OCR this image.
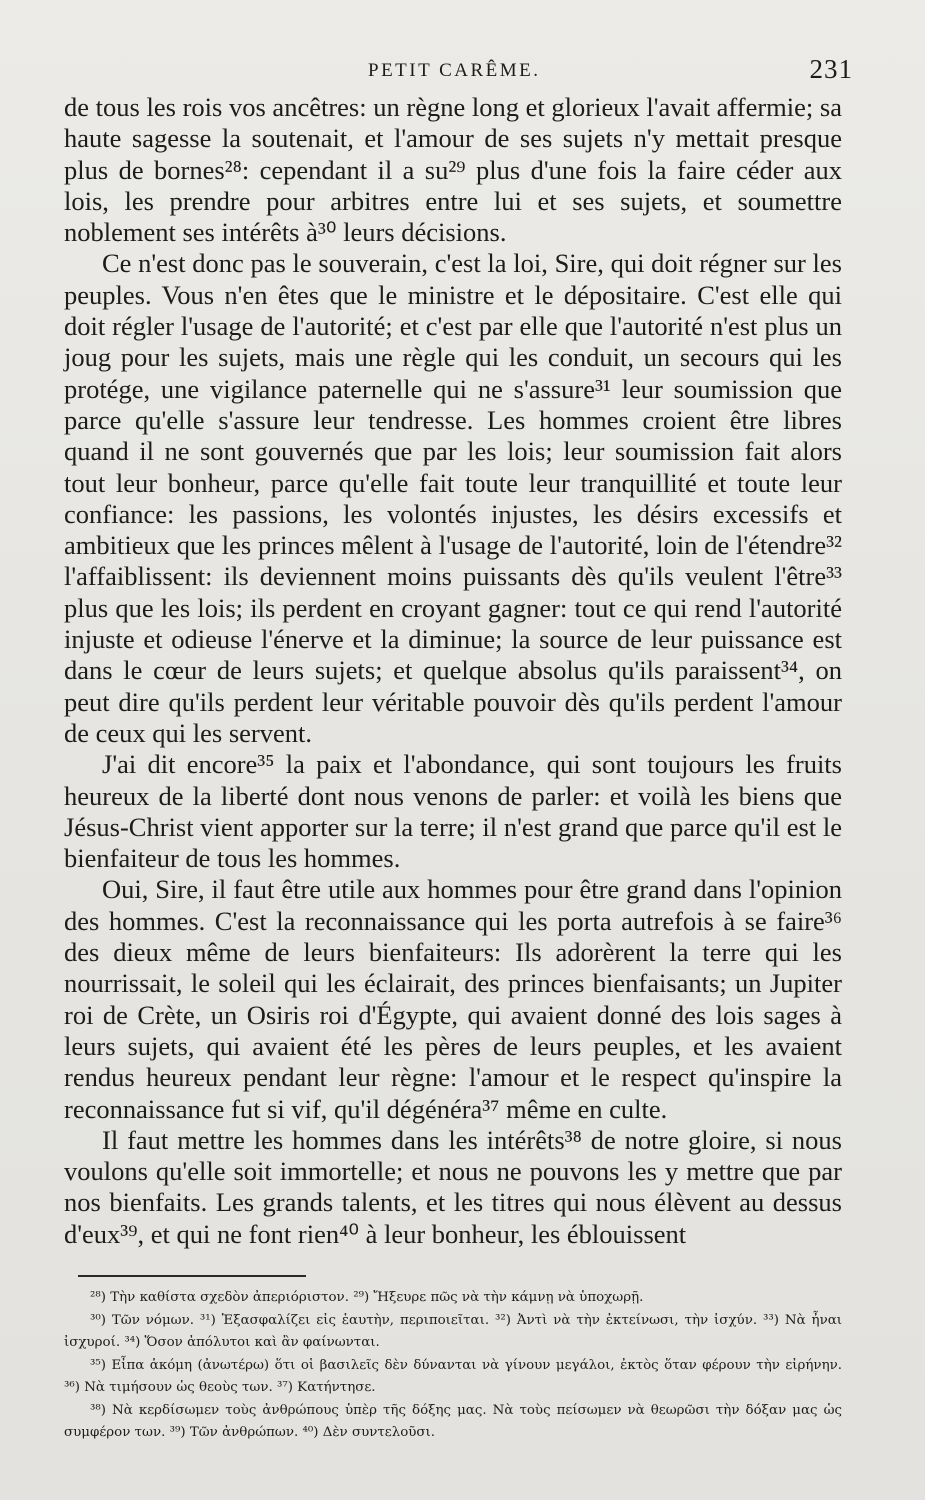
PETIT CARÊME.	231

de tous les rois vos ancêtres: un règne long et glorieux l'avait affermie; sa haute sagesse la soutenait, et l'amour de ses sujets n'y mettait presque plus de bornes²⁸: cependant il a su²⁹ plus d'une fois la faire céder aux lois, les prendre pour arbitres entre lui et ses sujets, et soumettre noblement ses intérêts à³⁰ leurs décisions.

Ce n'est donc pas le souverain, c'est la loi, Sire, qui doit régner sur les peuples. Vous n'en êtes que le ministre et le dépositaire. C'est elle qui doit régler l'usage de l'autorité; et c'est par elle que l'autorité n'est plus un joug pour les sujets, mais une règle qui les conduit, un secours qui les protége, une vigilance paternelle qui ne s'assure³¹ leur soumission que parce qu'elle s'assure leur tendresse. Les hommes croient être libres quand il ne sont gouvernés que par les lois; leur soumission fait alors tout leur bonheur, parce qu'elle fait toute leur tranquillité et toute leur confiance: les passions, les volontés injustes, les désirs excessifs et ambitieux que les princes mêlent à l'usage de l'autorité, loin de l'étendre³² l'affaiblissent: ils deviennent moins puissants dès qu'ils veulent l'être³³ plus que les lois; ils perdent en croyant gagner: tout ce qui rend l'autorité injuste et odieuse l'énerve et la diminue; la source de leur puissance est dans le cœur de leurs sujets; et quelque absolus qu'ils paraissent³⁴, on peut dire qu'ils perdent leur véritable pouvoir dès qu'ils perdent l'amour de ceux qui les servent.

J'ai dit encore³⁵ la paix et l'abondance, qui sont toujours les fruits heureux de la liberté dont nous venons de parler: et voilà les biens que Jésus-Christ vient apporter sur la terre; il n'est grand que parce qu'il est le bienfaiteur de tous les hommes.

Oui, Sire, il faut être utile aux hommes pour être grand dans l'opinion des hommes. C'est la reconnaissance qui les porta autrefois à se faire³⁶ des dieux même de leurs bienfaiteurs: Ils adorèrent la terre qui les nourrissait, le soleil qui les éclairait, des princes bienfaisants; un Jupiter roi de Crète, un Osiris roi d'Égypte, qui avaient donné des lois sages à leurs sujets, qui avaient été les pères de leurs peuples, et les avaient rendus heureux pendant leur règne: l'amour et le respect qu'inspire la reconnaissance fut si vif, qu'il dégénéra³⁷ même en culte.

Il faut mettre les hommes dans les intérêts³⁸ de notre gloire, si nous voulons qu'elle soit immortelle; et nous ne pouvons les y mettre que par nos bienfaits. Les grands talents, et les titres qui nous élèvent au dessus d'eux³⁹, et qui ne font rien⁴⁰ à leur bonheur, les éblouissent

²⁸) Τὴν καθίστα σχεδὸν ἀπεριόριστον. ²⁹) Ἤξευρε πῶς νὰ τὴν κάμνῃ νὰ ὑποχωρῇ.

³⁰) Τῶν νόμων. ³¹) Ἐξασφαλίζει εἰς ἑαυτὴν, περιποιεῖται. ³²) Ἀντὶ νὰ τὴν ἐκτείνωσι, τὴν ἰσχύν. ³³) Νὰ ἦναι ἰσχυροί. ³⁴) Ὅσον ἀπόλυτοι καὶ ἂν φαίνωνται.

³⁵) Εἶπα ἀκόμη (ἀνωτέρω) ὅτι οἱ βασιλεῖς δὲν δύνανται νὰ γίνουν μεγάλοι, ἐκτὸς ὅταν φέρουν τὴν εἰρήνην. ³⁶) Νὰ τιμήσουν ὡς θεοὺς των. ³⁷) Κατήντησε.

³⁸) Νὰ κερδίσωμεν τοὺς ἀνθρώπους ὑπὲρ τῆς δόξης μας. Νὰ τοὺς πείσωμεν νὰ θεωρῶσι τὴν δόξαν μας ὡς συμφέρον των. ³⁹) Τῶν ἀνθρώπων. ⁴⁰) Δὲν συντελοῦσι.
